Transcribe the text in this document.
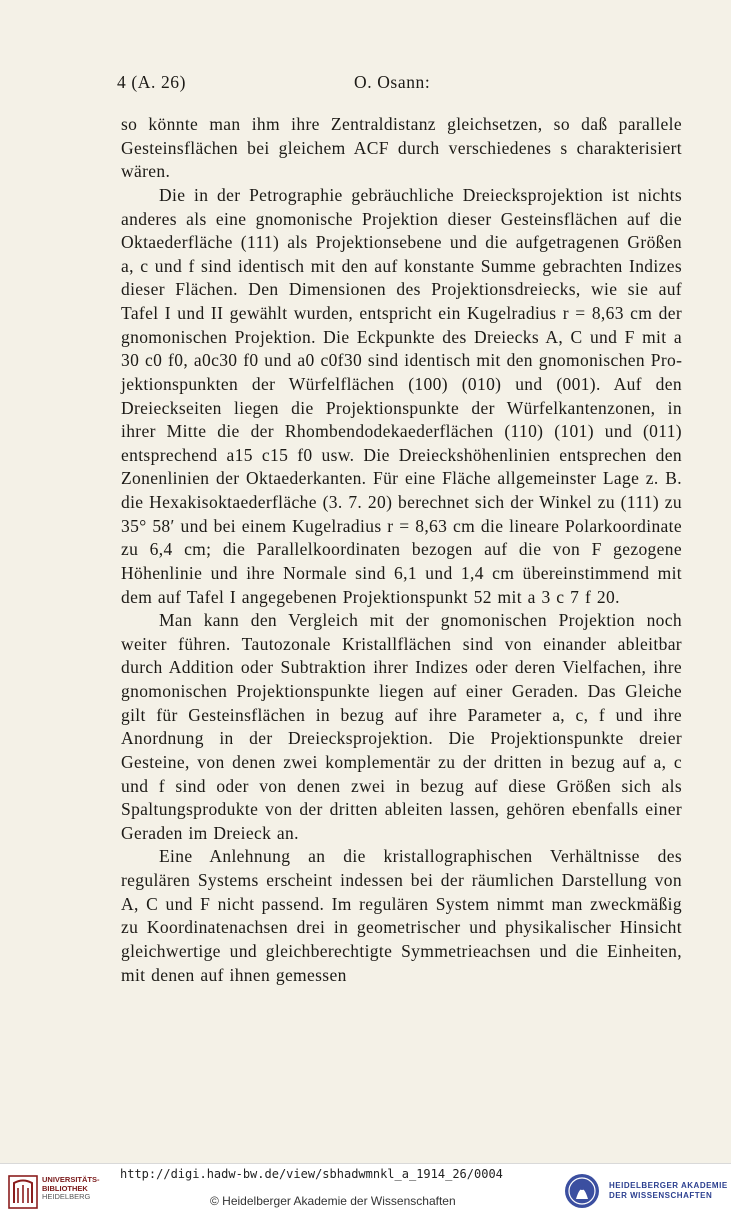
4 (A. 26)	O. Osann:

so könnte man ihm ihre Zentraldistanz gleichsetzen, so daß parallele Gesteinsflächen bei gleichem ACF durch verschiedenes s charakterisiert wären.

Die in der Petrographie gebräuchliche Dreiecksprojektion ist nichts anderes als eine gnomonische Projektion dieser Gesteinsflächen auf die Oktaederfläche (111) als Projektionsebene und die aufgetragenen Größen a, c und f sind identisch mit den auf konstante Summe gebrachten Indizes dieser Flächen. Den Dimensionen des Projektionsdreiecks, wie sie auf Tafel I und II gewählt wurden, entspricht ein Kugelradius r = 8,63 cm der gnomonischen Projektion. Die Eckpunkte des Dreiecks A, C und F mit a 30 c0 f0, a0c30 f0 und a0 c0f30 sind identisch mit den gnomonischen Projektionspunkten der Würfelflächen (100) (010) und (001). Auf den Dreieckseiten liegen die Projektionspunkte der Würfelkantenzonen, in ihrer Mitte die der Rhombendodekaederflächen (110) (101) und (011) entsprechend a15 c15 f0 usw. Die Dreieckshöhenlinien entsprechen den Zonenlinien der Oktaederkanten. Für eine Fläche allgemeinster Lage z. B. die Hexakisoktaederfläche (3. 7. 20) berechnet sich der Winkel zu (111) zu 35° 58′ und bei einem Kugelradius r = 8,63 cm die lineare Polarkoordinate zu 6,4 cm; die Parallelkoordinaten bezogen auf die von F gezogene Höhenlinie und ihre Normale sind 6,1 und 1,4 cm übereinstimmend mit dem auf Tafel I angegebenen Projektionspunkt 52 mit a 3 c 7 f 20.

Man kann den Vergleich mit der gnomonischen Projektion noch weiter führen. Tautozonale Kristallflächen sind von einander ableitbar durch Addition oder Subtraktion ihrer Indizes oder deren Vielfachen, ihre gnomonischen Projektionspunkte liegen auf einer Geraden. Das Gleiche gilt für Gesteinsflächen in bezug auf ihre Parameter a, c, f und ihre Anordnung in der Dreiecksprojektion. Die Projektionspunkte dreier Gesteine, von denen zwei komplementär zu der dritten in bezug auf a, c und f sind oder von denen zwei in bezug auf diese Größen sich als Spaltungsprodukte von der dritten ableiten lassen, gehören ebenfalls einer Geraden im Dreieck an.

Eine Anlehnung an die kristallographischen Verhältnisse des regulären Systems erscheint indessen bei der räumlichen Darstellung von A, C und F nicht passend. Im regulären System nimmt man zweckmäßig zu Koordinatenachsen drei in geometrischer und physikalischer Hinsicht gleichwertige und gleichberechtigte Symmetrieachsen und die Einheiten, mit denen auf ihnen gemessen

UNIVERSITÄTS-
BIBLIOTHEK
HEIDELBERG
http://digi.hadw-bw.de/view/sbhadwmnkl_a_1914_26/0004
© Heidelberger Akademie der Wissenschaften
HEIDELBERGER AKADEMIE
DER WISSENSCHAFTEN
